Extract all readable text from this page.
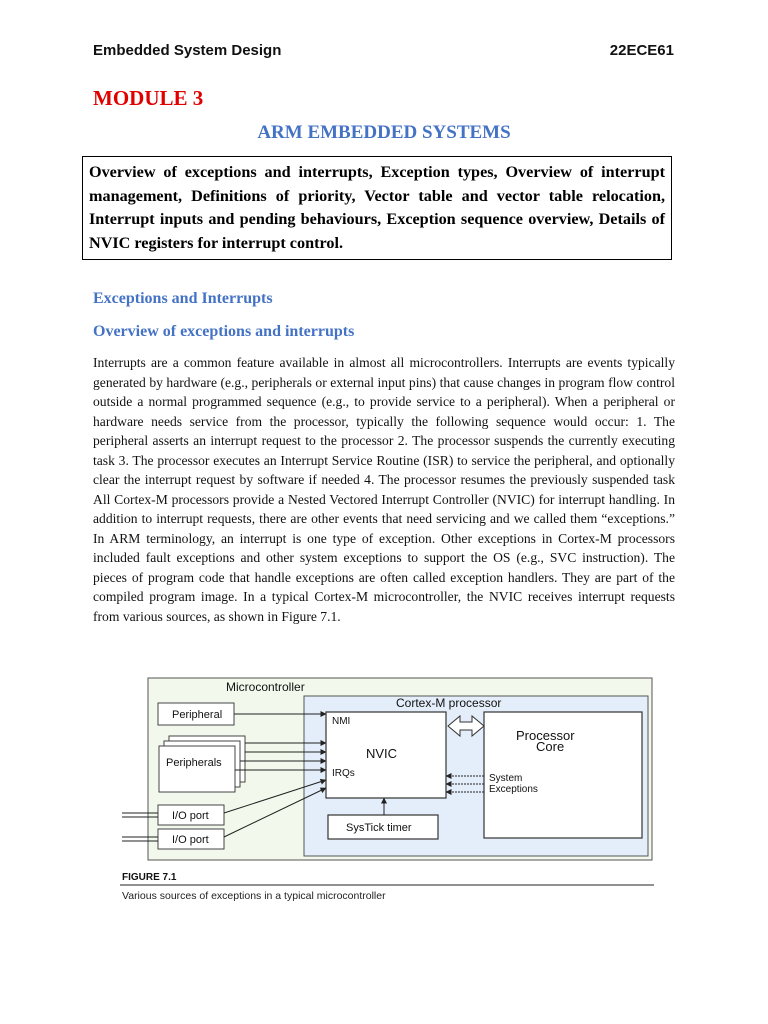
Embedded System Design	22ECE61
MODULE 3
ARM EMBEDDED SYSTEMS

Overview of exceptions and interrupts, Exception types, Overview of interrupt management, Definitions of priority, Vector table and vector table relocation, Interrupt inputs and pending behaviours, Exception sequence overview, Details of NVIC registers for interrupt control.

Exceptions and Interrupts
Overview of exceptions and interrupts

Interrupts are a common feature available in almost all microcontrollers. Interrupts are events typically generated by hardware (e.g., peripherals or external input pins) that cause changes in program flow control outside a normal programmed sequence (e.g., to provide service to a peripheral). When a peripheral or hardware needs service from the processor, typically the following sequence would occur: 1. The peripheral asserts an interrupt request to the processor 2. The processor suspends the currently executing task 3. The processor executes an Interrupt Service Routine (ISR) to service the peripheral, and optionally clear the interrupt request by software if needed 4. The processor resumes the previously suspended task All Cortex-M processors provide a Nested Vectored Interrupt Controller (NVIC) for interrupt handling. In addition to interrupt requests, there are other events that need servicing and we called them “exceptions.” In ARM terminology, an interrupt is one type of exception. Other exceptions in Cortex-M processors included fault exceptions and other system exceptions to support the OS (e.g., SVC instruction). The pieces of program code that handle exceptions are often called exception handlers. They are part of the compiled program image. In a typical Cortex-M microcontroller, the NVIC receives interrupt requests from various sources, as shown in Figure 7.1.

Microcontroller
Cortex-M processor
Peripheral
Peripherals
I/O port
I/O port
NMI
NVIC
IRQs
Processor
Core
System
Exceptions
SysTick timer
FIGURE 7.1
Various sources of exceptions in a typical microcontroller
